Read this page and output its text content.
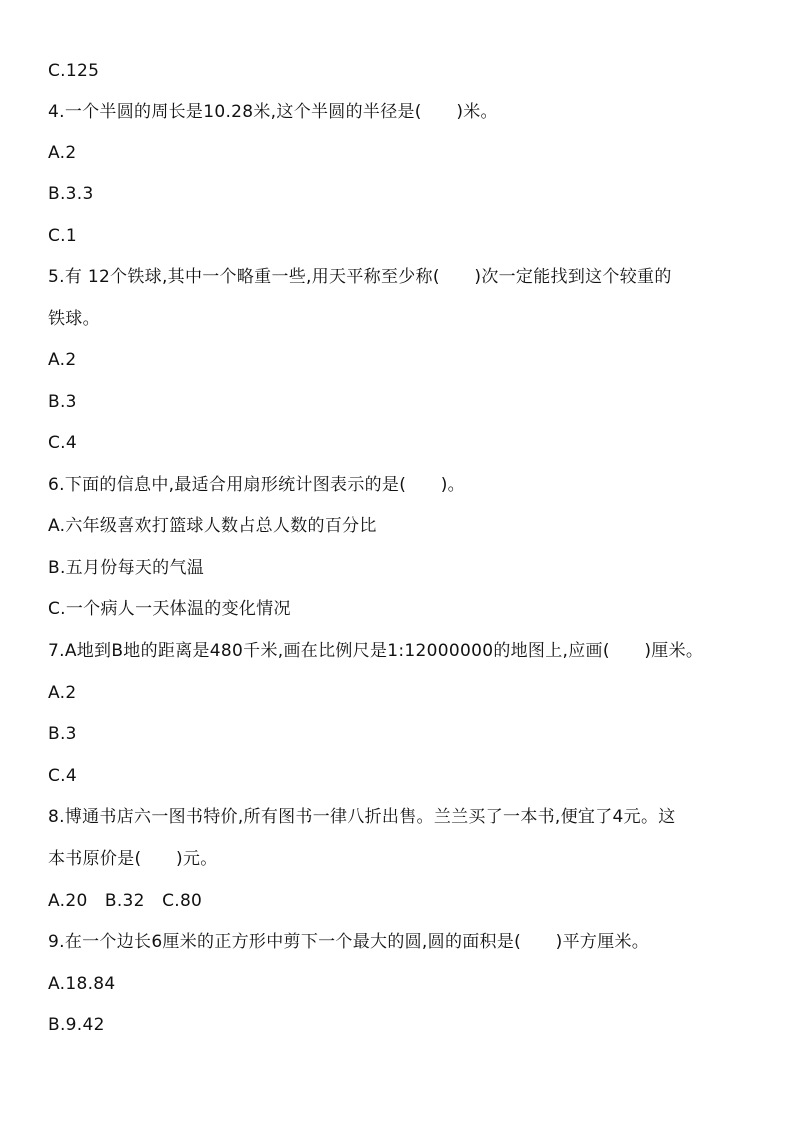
C.125
4.一个半圆的周长是10.28米,这个半圆的半径是(　　)米。
A.2
B.3.3
C.1
5.有 12个铁球,其中一个略重一些,用天平称至少称(　　)次一定能找到这个较重的
铁球。
A.2
B.3
C.4
6.下面的信息中,最适合用扇形统计图表示的是(　　)。
A.六年级喜欢打篮球人数占总人数的百分比
B.五月份每天的气温
C.一个病人一天体温的变化情况
7.A地到B地的距离是480千米,画在比例尺是1:12000000的地图上,应画(　　)厘米。
A.2
B.3
C.4
8.博通书店六一图书特价,所有图书一律八折出售。兰兰买了一本书,便宜了4元。这
本书原价是(　　)元。
A.20　B.32　C.80
9.在一个边长6厘米的正方形中剪下一个最大的圆,圆的面积是(　　)平方厘米。
A.18.84
B.9.42
